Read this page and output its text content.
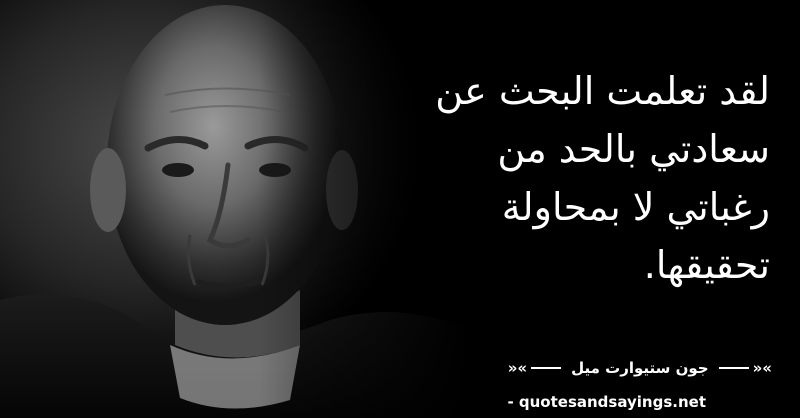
لقد تعلمت البحث عن
سعادتي بالحد من
رغباتي لا بمحاولة
تحقيقها.

»«
جون ستيوارت ميل
»«
- quotesandsayings.net
